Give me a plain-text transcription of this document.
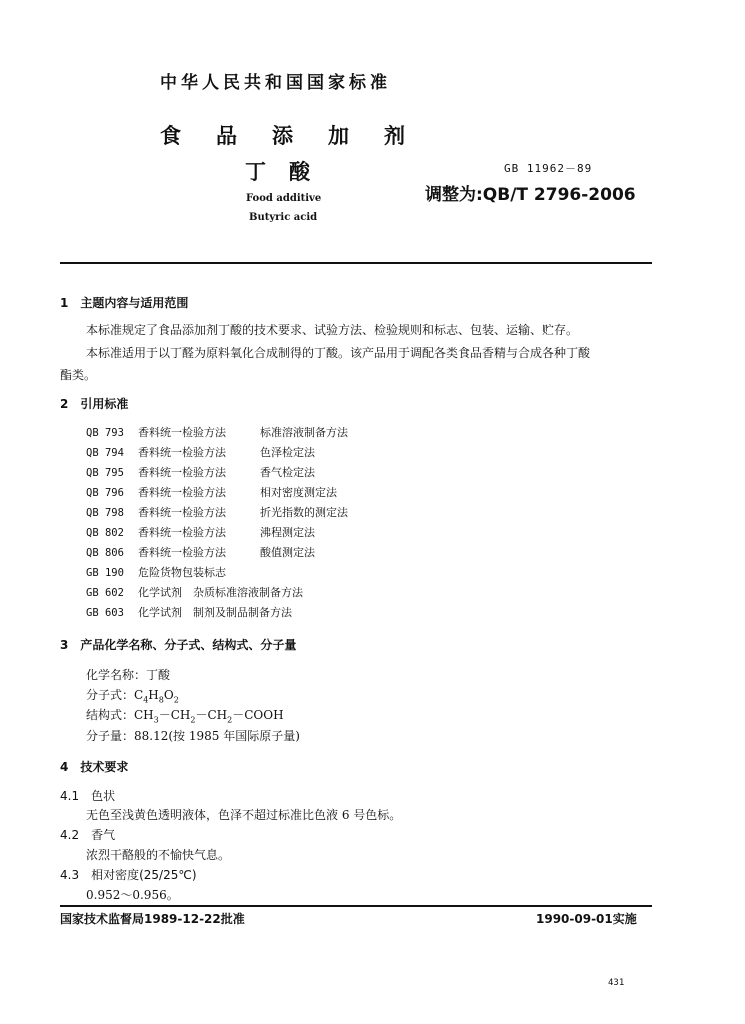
中华人民共和国国家标准
食 品 添 加 剂
丁 酸
Food additive
Butyric acid
GB 11962－89
调整为:QB/T 2796-2006
1　主题内容与适用范围
本标准规定了食品添加剂丁酸的技术要求、试验方法、检验规则和标志、包装、运输、贮存。
本标准适用于以丁醛为原料氧化合成制得的丁酸。该产品用于调配各类食品香精与合成各种丁酸
酯类。
2　引用标准
QB 793 香料统一检验方法	标准溶液制备方法
QB 794 香料统一检验方法	色泽检定法
QB 795 香料统一检验方法	香气检定法
QB 796 香料统一检验方法	相对密度测定法
QB 798 香料统一检验方法	折光指数的测定法
QB 802 香料统一检验方法	沸程测定法
QB 806 香料统一检验方法	酸值测定法
GB 190 危险货物包装标志
GB 602 化学试剂　杂质标准溶液制备方法
GB 603 化学试剂　制剂及制品制备方法
3　产品化学名称、分子式、结构式、分子量
化学名称：丁酸
分子式：$C_4H_8O_2$
结构式：$CH_3-CH_2-CH_2-COOH$
分子量：88.12(按 1985 年国际原子量)
4　技术要求
4.1　色状
无色至浅黄色透明液体，色泽不超过标准比色液 6 号色标。
4.2　香气
浓烈干酪般的不愉快气息。
4.3　相对密度(25/25℃)
0.952～0.956。
国家技术监督局1989-12-22批准	1990-09-01实施
431
